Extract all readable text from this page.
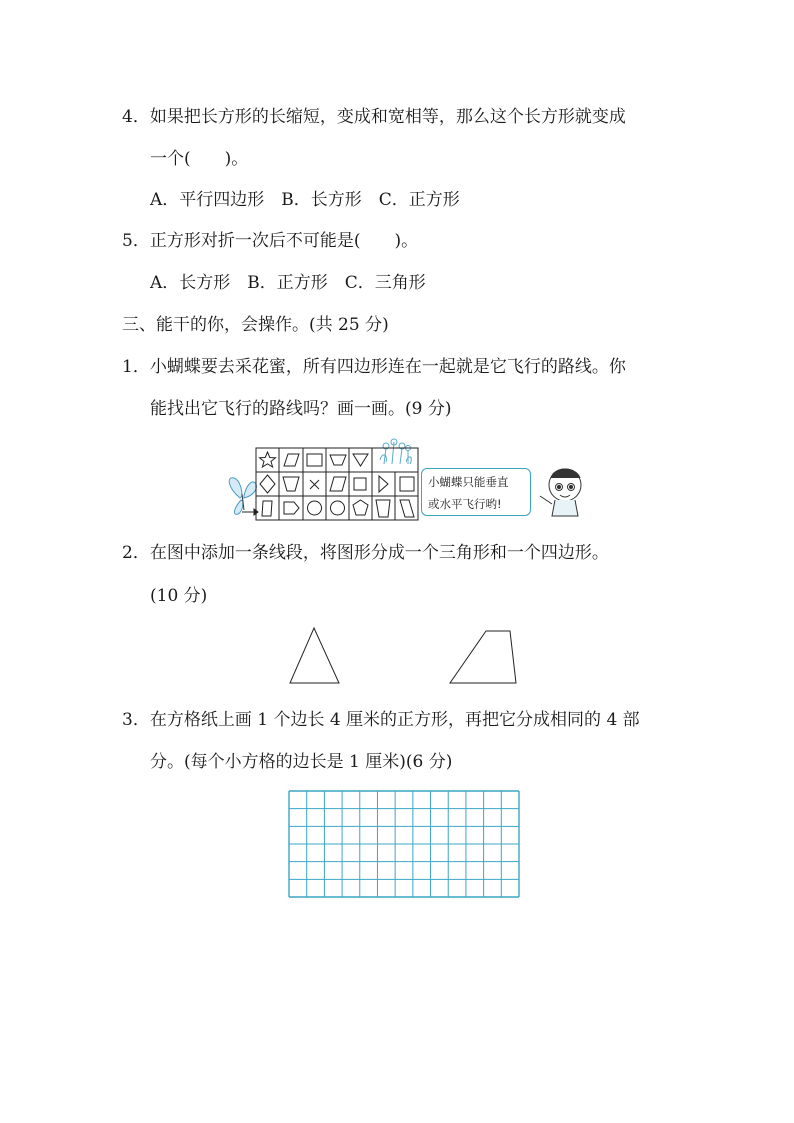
4．如果把长方形的长缩短，变成和宽相等，那么这个长方形就变成
一个(　　)。
A．平行四边形　B．长方形　C．正方形
5．正方形对折一次后不可能是(　　)。
A．长方形　B．正方形　C．三角形
三、能干的你，会操作。(共 25 分)
1．小蝴蝶要去采花蜜，所有四边形连在一起就是它飞行的路线。你
能找出它飞行的路线吗？画一画。(9 分)
小蝴蝶只能垂直
或水平飞行哟!
2．在图中添加一条线段，将图形分成一个三角形和一个四边形。
(10 分)
3．在方格纸上画 1 个边长 4 厘米的正方形，再把它分成相同的 4 部
分。(每个小方格的边长是 1 厘米)(6 分)
